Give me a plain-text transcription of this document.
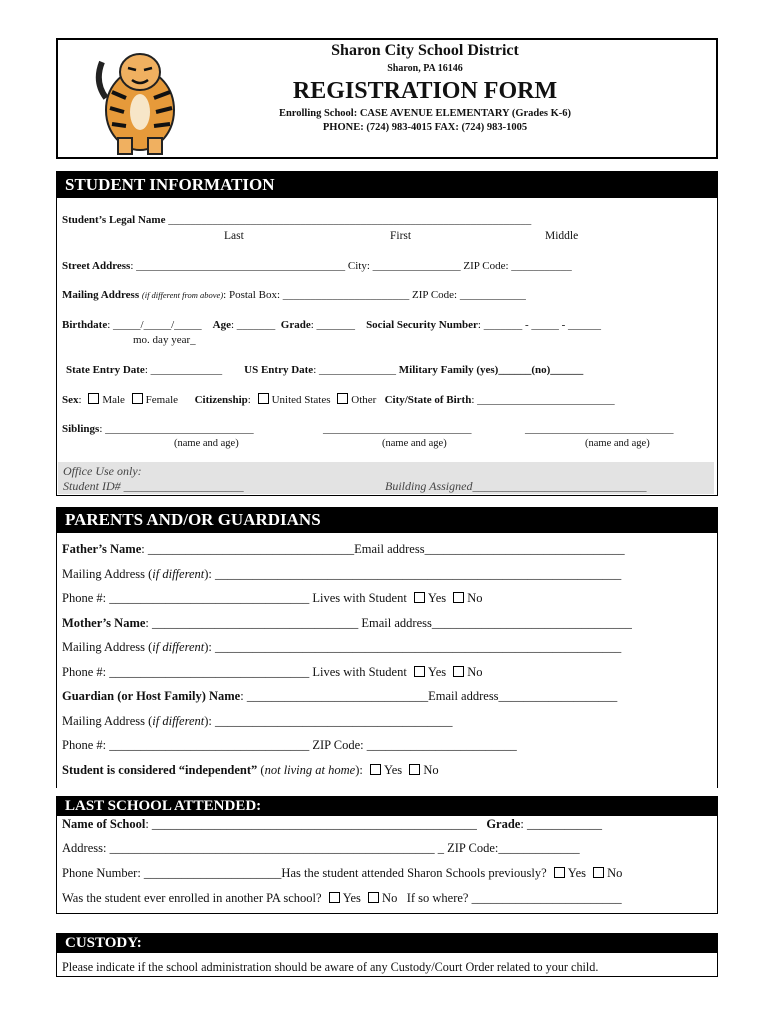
Sharon City School District
Sharon, PA 16146
REGISTRATION FORM
Enrolling School: CASE AVENUE ELEMENTARY (Grades K-6)
PHONE: (724) 983-4015 FAX: (724) 983-1005
STUDENT INFORMATION
Student’s Legal Name __________________________________________________________________
Last	First	Middle
Street Address: ______________________________________ City: ________________ ZIP Code: ___________
Mailing Address (if different from above): Postal Box: _______________________ ZIP Code: ____________
Birthdate: _____/_____/_____ Age: _______ Grade: _______ Social Security Number: _______ - _____ - ______
mo. day year_
State Entry Date: _____________ US Entry Date: ______________ Military Family (yes)______(no)______
Sex: Male Female Citizenship: United States Other City/State of Birth: _________________________
Siblings: ___________________________	___________________________	___________________________
(name and age)	(name and age)	(name and age)
Office Use only:
Student ID# ____________________	Building Assigned_____________________________
PARENTS AND/OR GUARDIANS
Father’s Name: _________________________________Email address________________________________
Mailing Address (if different): _________________________________________________________________
Phone #: ________________________________ Lives with Student Yes No
Mother’s Name: _________________________________ Email address________________________________
Mailing Address (if different): _________________________________________________________________
Phone #: ________________________________ Lives with Student Yes No
Guardian (or Host Family) Name: _____________________________Email address___________________
Mailing Address (if different): ______________________________________
Phone #: ________________________________ ZIP Code: ________________________
Student is considered “independent” (not living at home): Yes No
LAST SCHOOL ATTENDED:
Name of School: ____________________________________________________ Grade: ____________
Address: ____________________________________________________ _ ZIP Code:_____________
Phone Number: ______________________Has the student attended Sharon Schools previously? Yes No
Was the student ever enrolled in another PA school? Yes No If so where? ________________________
CUSTODY:
Please indicate if the school administration should be aware of any Custody/Court Order related to your child.
